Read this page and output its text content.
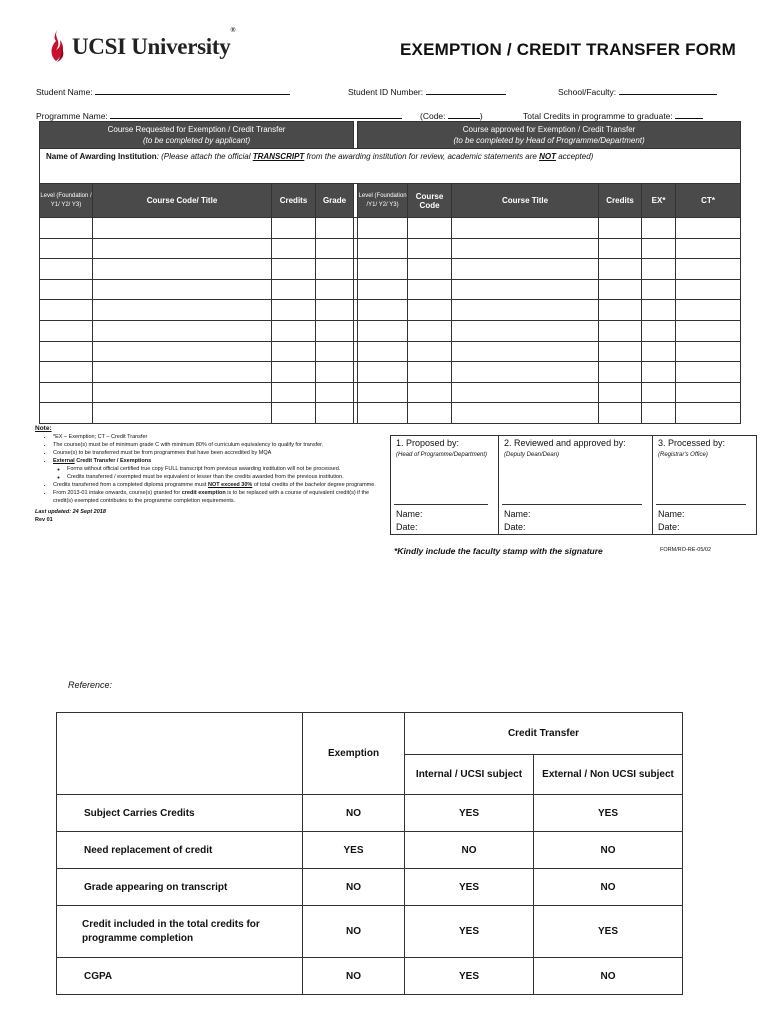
UCSI University®
EXEMPTION / CREDIT TRANSFER FORM
Student Name:	Student ID Number:	School/Faculty:
Programme Name:	(Code:	)	Total Credits in programme to graduate:
Course Requested for Exemption / Credit Transfer
(to be completed by applicant)					Course approved for Exemption / Credit Transfer
(to be completed by Head of Programme/Department)					
Name of Awarding Institution: (Please attach the official TRANSCRIPT from the awarding institution for review, academic statements are NOT accepted)										
Level (Foundation / Y1/ Y2/ Y3)	Course Code/ Title	Credits	Grade		Level (Foundation /Y1/ Y2/ Y3)	Course Code	Course Title	Credits	EX*	CT*

Note:
• *EX – Exemption; CT – Credit Transfer
• The course(s) must be of minimum grade C with minimum 80% of curriculum equivalency to qualify for transfer.
• Course(s) to be transferred must be from programmes that have been accredited by MQA
• External Credit Transfer / Exemptions
◦ Forms without official certified true copy FULL transcript from previous awarding institution will not be processed.
◦ Credits transferred / exempted must be equivalent or lesser than the credits awarded from the previous institution.
• Credits transferred from a completed diploma programme must NOT exceed 30% of total credits of the bachelor degree programme.
• From 2013-01 intake onwards, course(s) granted for credit exemption is to be replaced with a course of equivalent credit(s) if the credit(s) exempted contributes to the programme completion requirements.
Last updated: 24 Sept 2018
Rev 01
1. Proposed by:
(Head of Programme/Department)
Name:
Date:

2. Reviewed and approved by:
(Deputy Dean/Dean)
Name:
Date:

3. Processed by:
(Registrar's Office)
Name:
Date:
*Kindly include the faculty stamp with the signature	FORM/RO-RE-05/02
Reference:
	Exemption	Credit Transfer	
		Internal / UCSI subject	External / Non UCSI subject
Subject Carries Credits	NO	YES	YES
Need replacement of credit	YES	NO	NO
Grade appearing on transcript	NO	YES	NO
Credit included in the total credits for programme completion	NO	YES	YES
CGPA	NO	YES	NO
